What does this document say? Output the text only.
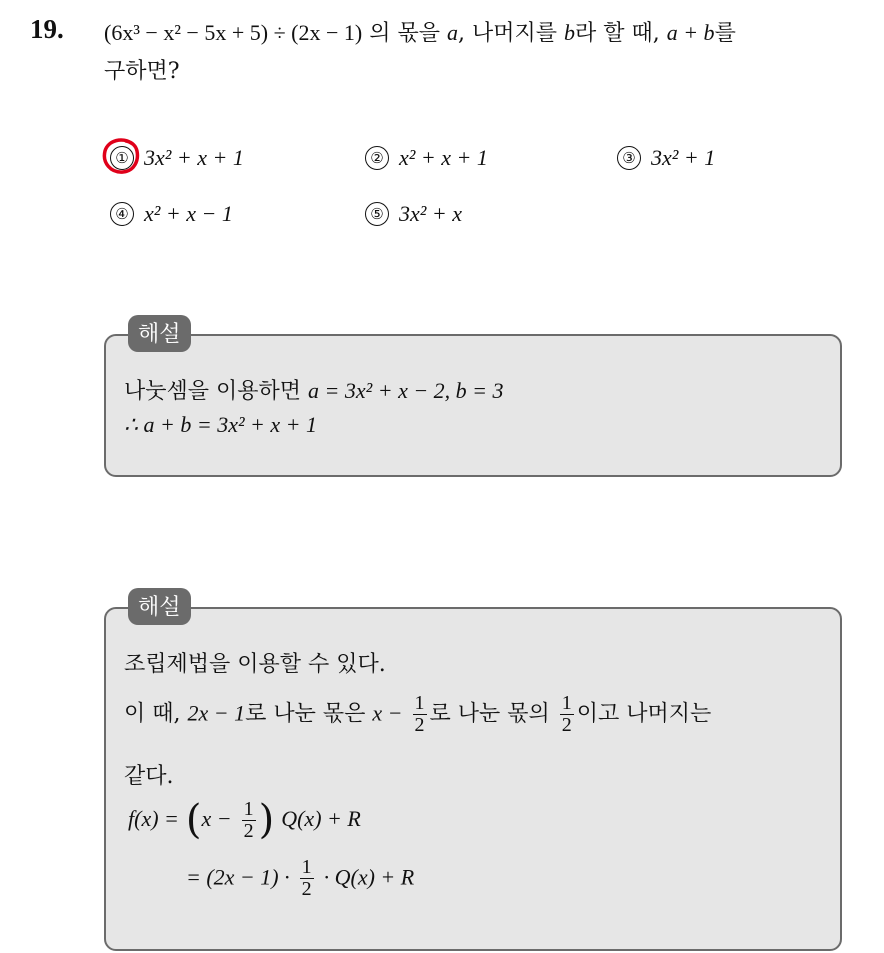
19. (6x³ − x² − 5x + 5) ÷ (2x − 1) 의 몫을 a, 나머지를 b라 할 때, a + b를
구하면?
① 3x² + x + 1	② x² + x + 1	③ 3x² + 1
④ x² + x − 1	⑤ 3x² + x
나눗셈을 이용하면 a = 3x² + x − 2, b = 3
∴ a + b = 3x² + x + 1
해설
조립제법을 이용할 수 있다.
이 때, 2x − 1로 나눈 몫은 $x - \frac{1}{2}$ 로 나눈 몫의 $\frac{1}{2}$ 이고 나머지는
같다.
$f(x) = (x - \frac{1}{2}$ ) Q(x) + R
= $(2x - 1) \cdot \frac{1}{2} \cdot Q(x) + R$
해설
